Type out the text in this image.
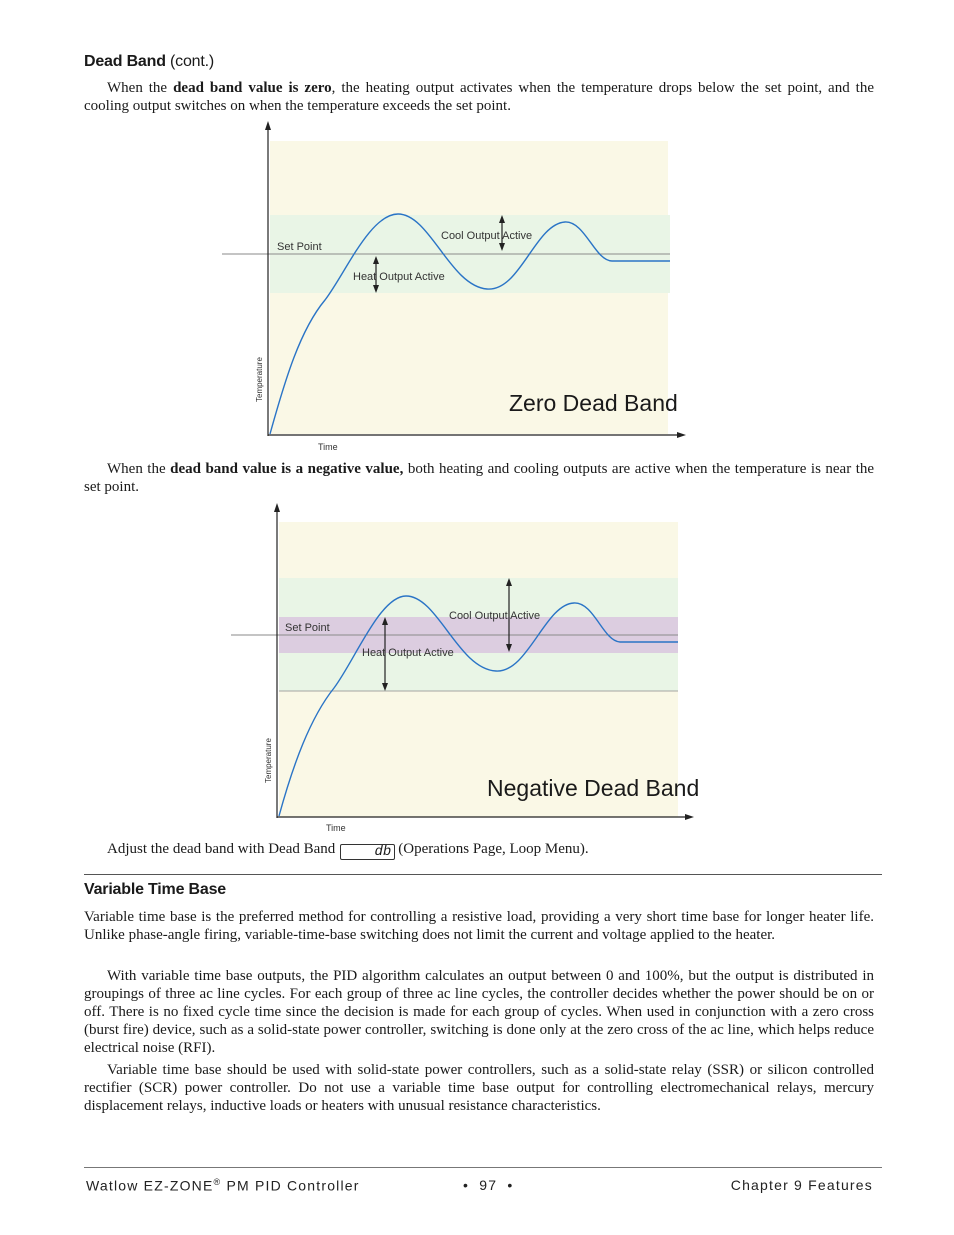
Dead Band (cont.)
When the dead band value is zero, the heating output activates when the temperature drops below the set point, and the cooling output switches on when the temperature exceeds the set point.
Set Point
Cool Output Active
Heat Output Active
Temperature
Time
Zero Dead Band
When the dead band value is a negative value, both heating and cooling outputs are active when the temperature is near the set point.
Set Point
Cool Output Active
Heat Output Active
Temperature
Time
Negative Dead Band
Adjust the dead band with Dead Band	db (Operations Page, Loop Menu).
Variable Time Base
Variable time base is the preferred method for controlling a resistive load, providing a very short time base for longer heater life. Unlike phase-angle firing, variable-time-base switching does not limit the current and voltage applied to the heater.
With variable time base outputs, the PID algorithm calculates an output between 0 and 100%, but the output is distributed in groupings of three ac line cycles. For each group of three ac line cycles, the controller decides whether the power should be on or off. There is no fixed cycle time since the decision is made for each group of cycles. When used in conjunction with a zero cross (burst fire) device, such as a solid-state power controller, switching is done only at the zero cross of the ac line, which helps reduce electrical noise (RFI).
Variable time base should be used with solid-state power controllers, such as a solid-state relay (SSR) or silicon controlled rectifier (SCR) power controller. Do not use a variable time base output for controlling electromechanical relays, mercury displacement relays, inductive loads or heaters with unusual resistance characteristics.
Watlow EZ-ZONE® PM PID Controller	•  97  •	Chapter 9 Features
